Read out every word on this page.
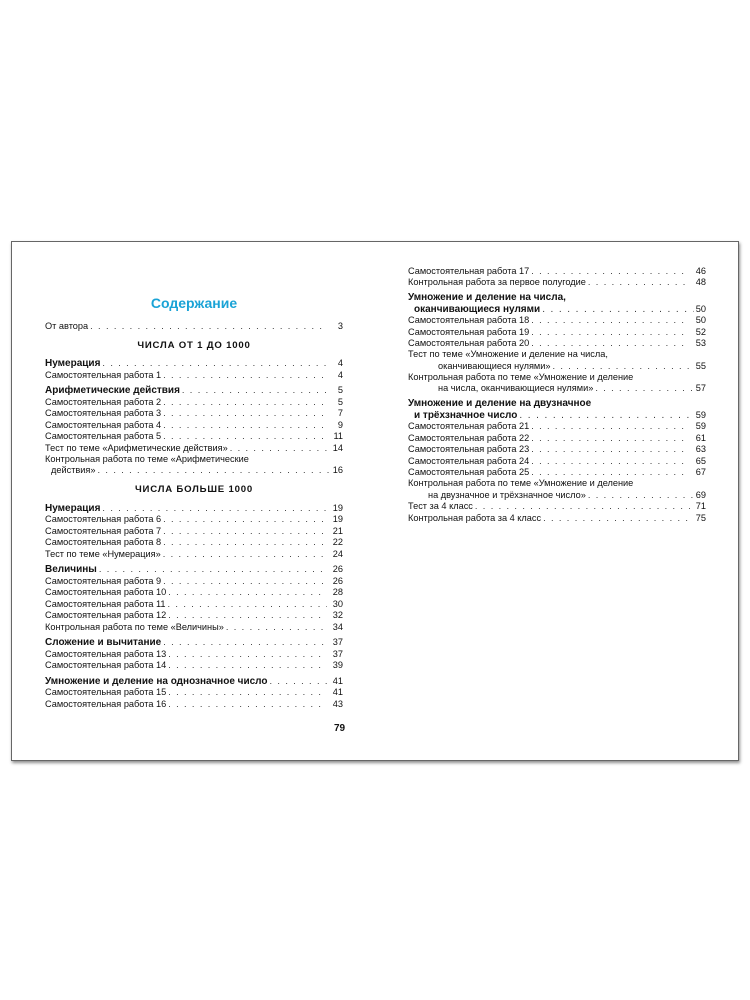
Содержание
От автора . . .	3
ЧИСЛА ОТ 1 ДО 1000
Нумерация . . .	4
Самостоятельная работа 1 . . .	4
Арифметические действия . . .	5
Самостоятельная работа 2 . . .	5
Самостоятельная работа 3 . . .	7
Самостоятельная работа 4 . . .	9
Самостоятельная работа 5 . . .	11
Тест по теме «Арифметические действия» . . .	14
Контрольная работа по теме «Арифметические
действия» . . .	16
ЧИСЛА БОЛЬШЕ 1000
Нумерация . . .	19
Самостоятельная работа 6 . . .	19
Самостоятельная работа 7 . . .	21
Самостоятельная работа 8 . . .	22
Тест по теме «Нумерация» . . .	24
Величины . . .	26
Самостоятельная работа 9 . . .	26
Самостоятельная работа 10 . . .	28
Самостоятельная работа 11 . . .	30
Самостоятельная работа 12 . . .	32
Контрольная работа по теме «Величины» . . .	34
Сложение и вычитание . . .	37
Самостоятельная работа 13 . . .	37
Самостоятельная работа 14 . . .	39
Умножение и деление на однозначное число . . .	41
Самостоятельная работа 15 . . .	41
Самостоятельная работа 16 . . .	43
79
Самостоятельная работа 17 . . .	46
Контрольная работа за первое полугодие . . .	48
Умножение и деление на числа,
оканчивающиеся нулями . . .	50
Самостоятельная работа 18 . . .	50
Самостоятельная работа 19 . . .	52
Самостоятельная работа 20 . . .	53
Тест по теме «Умножение и деление на числа,
оканчивающиеся нулями» . . .	55
Контрольная работа по теме «Умножение и деление
на числа, оканчивающиеся нулями» . . .	57
Умножение и деление на двузначное
и трёхзначное число . . .	59
Самостоятельная работа 21 . . .	59
Самостоятельная работа 22 . . .	61
Самостоятельная работа 23 . . .	63
Самостоятельная работа 24 . . .	65
Самостоятельная работа 25 . . .	67
Контрольная работа по теме «Умножение и деление
на двузначное и трёхзначное число» . . .	69
Тест за 4 класс . . .	71
Контрольная работа за 4 класс . . .	75
